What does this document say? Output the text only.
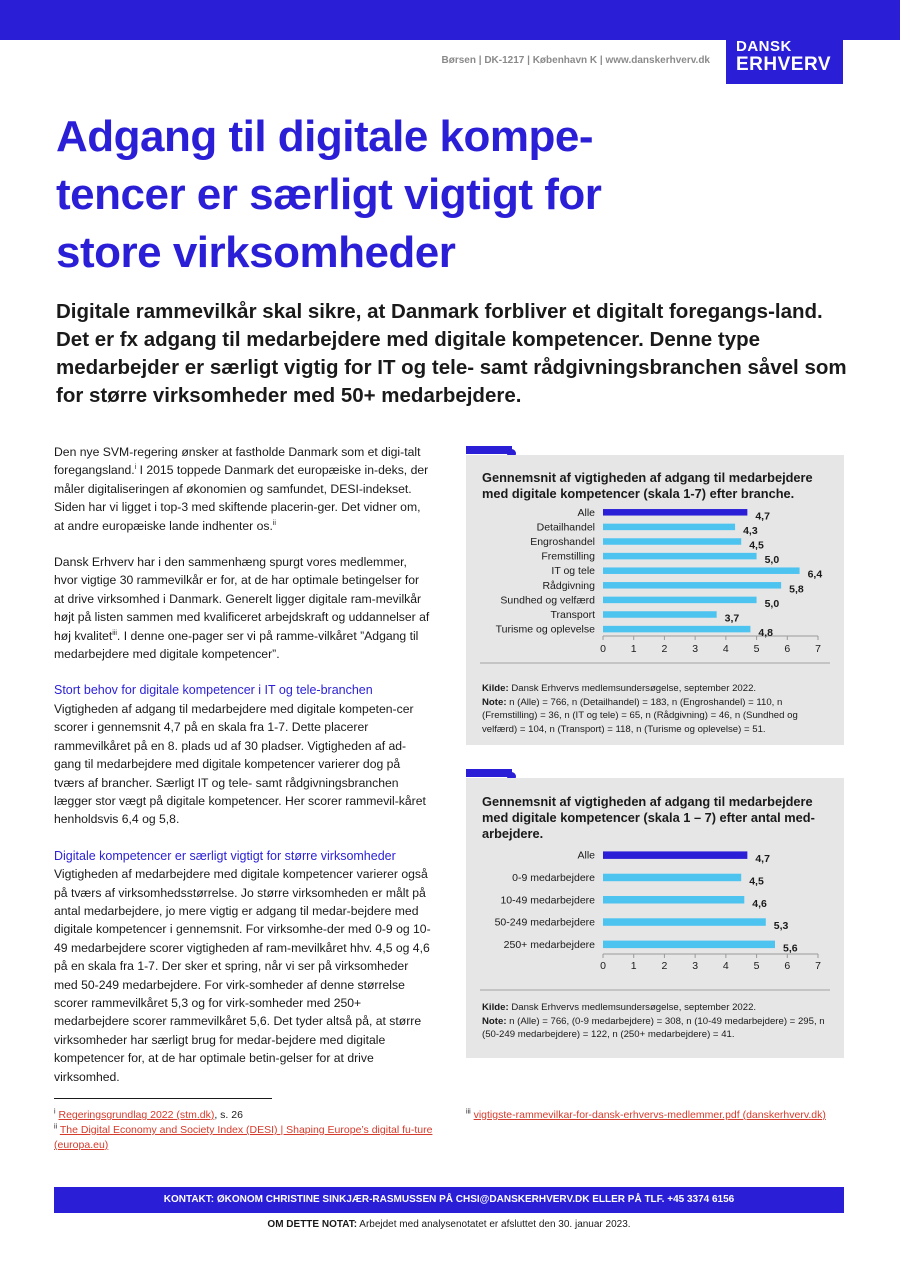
Børsen | DK-1217 | København K | www.danskerhverv.dk
DANSK
ERHVERV
Adgang til digitale kompe-
tencer er særligt vigtigt for
store virksomheder
Digitale rammevilkår skal sikre, at Danmark forbliver et digitalt foregangs-land. Det er fx adgang til medarbejdere med digitale kompetencer. Denne type medarbejder er særligt vigtig for IT og tele- samt rådgivningsbranchen såvel som for større virksomheder med 50+ medarbejdere.

Den nye SVM-regering ønsker at fastholde Danmark som et digi-talt foregangsland.$^i$ I 2015 toppede Danmark det europæiske in-deks, der måler digitaliseringen af økonomien og samfundet, DESI-indekset. Siden har vi ligget i top-3 med skiftende placerin-ger. Det vidner om, at andre europæiske lande indhenter os.$^{ii}$

Dansk Erhverv har i den sammenhæng spurgt vores medlemmer, hvor vigtige 30 rammevilkår er for, at de har optimale betingelser for at drive virksomhed i Danmark. Generelt ligger digitale ram-mevilkår højt på listen sammen med kvalificeret arbejdskraft og uddannelser af høj kvalitet$^{iii}$. I denne one-pager ser vi på ramme-vilkåret ”Adgang til medarbejdere med digitale kompetencer”.

Stort behov for digitale kompetencer i IT og tele-branchen

Vigtigheden af adgang til medarbejdere med digitale kompeten-cer scorer i gennemsnit 4,7 på en skala fra 1-7. Dette placerer rammevilkåret på en 8. plads ud af 30 pladser. Vigtigheden af ad-gang til medarbejdere med digitale kompetencer varierer dog på tværs af brancher. Særligt IT og tele- samt rådgivningsbranchen lægger stor vægt på digitale kompetencer. Her scorer rammevil-kåret henholdsvis 6,4 og 5,8.

Digitale kompetencer er særligt vigtigt for større virksomheder

Vigtigheden af medarbejdere med digitale kompetencer varierer også på tværs af virksomhedsstørrelse. Jo større virksomheden er målt på antal medarbejdere, jo mere vigtig er adgang til medar-bejdere med digitale kompetencer i gennemsnit. For virksomhe-der med 0-9 og 10-49 medarbejdere scorer vigtigheden af ram-mevilkåret hhv. 4,5 og 4,6 på en skala fra 1-7. Der sker et spring, når vi ser på virksomheder med 50-249 medarbejdere. For virk-somheder af denne størrelse scorer rammevilkåret 5,3 og for virk-somheder med 250+ medarbejdere scorer rammevilkåret 5,6. Det tyder altså på, at større virksomheder har særligt brug for medar-bejdere med digitale kompetencer for, at de har optimale betin-gelser for at drive virksomhed.

Gennemsnit af vigtigheden af adgang til medarbejdere
med digitale kompetencer (skala 1-7) efter branche.
Alle	4,7
Detailhandel	4,3
Engroshandel	4,5
Fremstilling	5,0
IT og tele	6,4
Rådgivning	5,8
Sundhed og velfærd	5,0
Transport	3,7
Turisme og oplevelse	4,8
0 1 2 3 4 5 6 7
Kilde: Dansk Erhvervs medlemsundersøgelse, september 2022.
Note: n (Alle) = 766, n (Detailhandel) = 183, n (Engroshandel) = 110, n (Fremstilling) = 36, n (IT og tele) = 65, n (Rådgivning) = 46, n (Sundhed og velfærd) = 104, n (Transport) = 118, n (Turisme og oplevelse) = 51.
Gennemsnit af vigtigheden af adgang til medarbejdere
med digitale kompetencer (skala 1 – 7) efter antal med-
arbejdere.
Alle	4,7
0-9 medarbejdere	4,5
10-49 medarbejdere	4,6
50-249 medarbejdere	5,3
250+ medarbejdere	5,6
0 1 2 3 4 5 6 7
Kilde: Dansk Erhvervs medlemsundersøgelse, september 2022.
Note: n (Alle) = 766, (0-9 medarbejdere) = 308, n (10-49 medarbejdere) = 295, n (50-249 medarbejdere) = 122, n (250+ medarbejdere) = 41.
$^i$ Regeringsgrundlag 2022 (stm.dk), s. 26
$^{ii}$ The Digital Economy and Society Index (DESI) | Shaping Europe’s digital fu-ture (europa.eu)
$^{iii}$ vigtigste-rammevilkar-for-dansk-erhvervs-medlemmer.pdf (danskerhverv.dk)
KONTAKT: ØKONOM CHRISTINE SINKJÆR-RASMUSSEN PÅ CHSI@DANSKERHVERV.DK ELLER PÅ TLF. +45 3374 6156
OM DETTE NOTAT: Arbejdet med analysenotatet er afsluttet den 30. januar 2023.
